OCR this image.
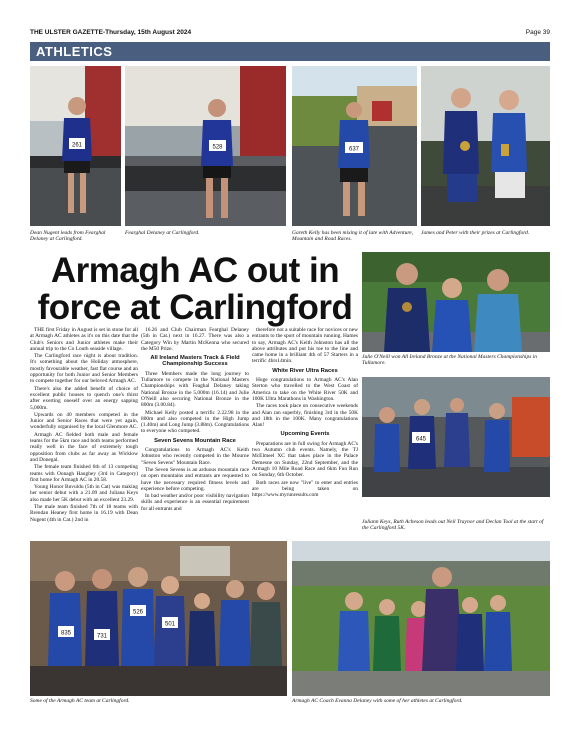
THE ULSTER GAZETTE-Thursday, 15th August 2024	Page 39
ATHLETICS
261	528	637
Dean Nugent leads from Fearghal Delaney at Carlingford.
Fearghal Delaney at Carlingford.	Gareth Kelly has been mixing it of late with Adventure, Mountain and Road Races.
James and Peter with their prizes at Carlingford.
Armagh AC out in force at Carlingford
Julie O'Neill won All Ireland Bronze at the National Masters Championships in Tullamore.
645
Juliann Keys, Ruth Acheson leads out Neil Traynor and Declan Tool at the start of the Carlingford 5K.

THE first Friday in August is set in stone for all at Armagh AC athletes as it's on this date that the Club's Seniors and Junior athletes make their annual trip to the Co Louth seaside village.

The Carlingford race night is about tradition. It's something about the Holiday atmosphere, mostly favourable weather, fast flat course and an opportunity for both Junior and Senior Members to compete together for our beloved Armagh AC.

There's also the added benefit of choice of excellent public houses to quench one's thirst after exerting oneself over an energy sapping 5,000m.

Upwards on 40 members competed in the Junior and Senior Races that were yet again, wonderfully organised by the local Glenmore AC.

Armagh AC fielded both male and female teams for the 5km race and both teams performed really well in the face of extremely tough opposition from clubs as far away as Wicklow and Donegal.

The female team finished 6th of 13 competing teams with Oonagh Haughey (3rd in Category) first home for Armagh AC in 20.58.

Young Honor Buvuldu (5th in Cat) was making her senior debut with a 21.09 and Juliana Keys also made her 5K debut with an excellent 23.29.

The male team finished 7th of 18 teams with Brendan Heaney first home in 16.19 with Dean Nugent (4th in Cat.) 2nd in

16.26 and Club Chairman Fearghal Delaney (5th in Cat.) next in 16.27. There was also a Category Win by Martin McKenna who secured the M50 Prize.

All Ireland Masters Track & Field Championship Success

Three Members made the long journey to Tullamore to compete in the National Masters Championships with Feaghal Delaney taking National Bronze in the 5,000m (16.14) and Julie O'Neill also securing National Bronze in the 800m (3.00.84).

Michael Kelly posted a terrific 2.22.98 in the 800m and also competed in the High Jump (1.40m) and Long Jump (3.88m). Congratulations to everyone who competed.

Seven Sevens Mountain Race

Congratulations to Armagh AC's Keith Johnston who recently competed in the Mourne "Seven Sevens" Mountain Race.

The Seven Sevens is an arduous mountain race on open mountains and entrants are requested to have the necessary required fitness levels and experience before competing.

In bad weather and/or poor visibility navigation skills and experience is an essential requirement for all entrants and

therefore not a suitable race for novices or new entrants to the sport of mountain running. Hames to say, Armagh AC's Keith Johnston has all the above attributes and put his toe to the line and came home in a brilliant 4th of 57 Starters in a terrific 4hrs14min.

White River Ultra Races

Huge congratulations to Armagh AC's Alan Sterton who travelled to the West Coast of America to take on the White River 50K and 100K Ultra Marathons in Washington.

The races took place on consecutive weekends and Alan ran superbly, finishing 3rd in the 50K and 18th in the 100K. Many congratulations Alan!

Upcoming Events

Preparations are in full swing for Armagh AC's two Autumn club events. Namely, the TJ McElmeel XC that takes place in the Palace Demesne on Sunday, 22nd September, and the Armagh 10 Mile Road Race and 6km Fun Run on Sunday, 6th October.

Both races are now "live" to enter and entries are being taken on https://www.myrunresults.com

835	731
526
501
Some of the Armagh AC team at Carlingford.	Armagh AC Coach Evanna Delaney with some of her athletes at Carlingford.
